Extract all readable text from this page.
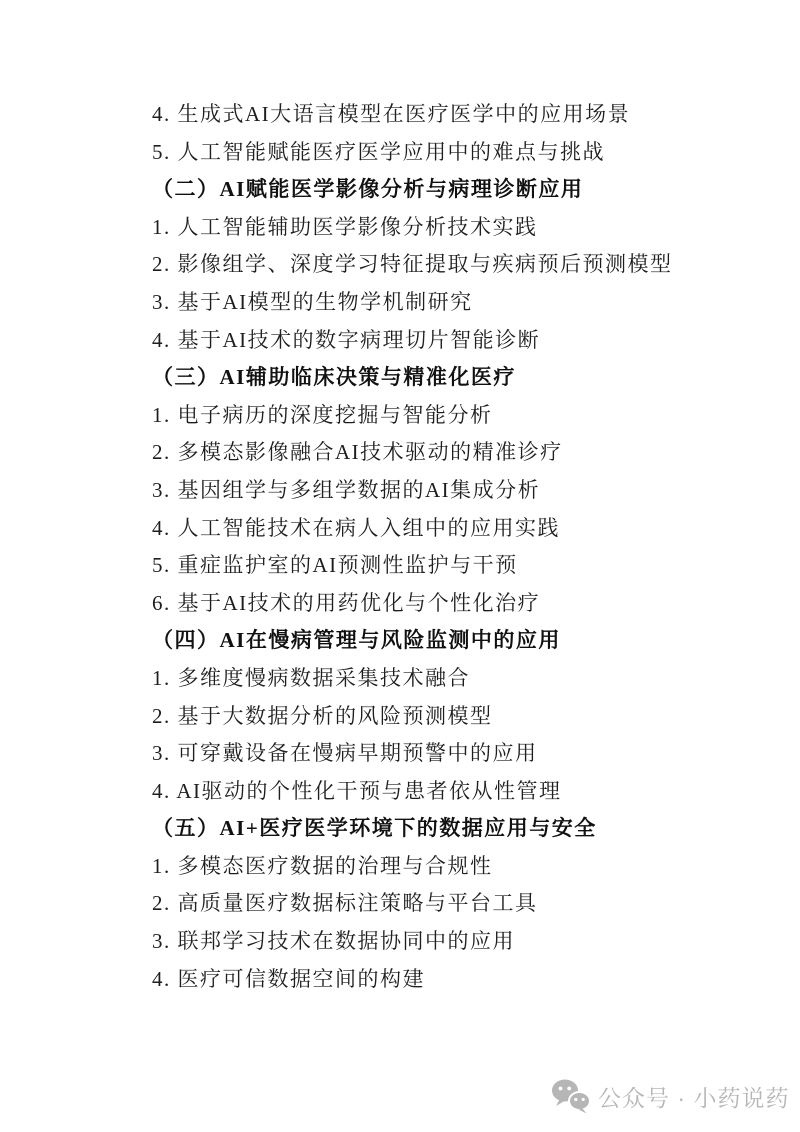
4. 生成式AI大语言模型在医疗医学中的应用场景
5. 人工智能赋能医疗医学应用中的难点与挑战
（二）AI赋能医学影像分析与病理诊断应用
1. 人工智能辅助医学影像分析技术实践
2. 影像组学、深度学习特征提取与疾病预后预测模型
3. 基于AI模型的生物学机制研究
4. 基于AI技术的数字病理切片智能诊断
（三）AI辅助临床决策与精准化医疗
1. 电子病历的深度挖掘与智能分析
2. 多模态影像融合AI技术驱动的精准诊疗
3. 基因组学与多组学数据的AI集成分析
4. 人工智能技术在病人入组中的应用实践
5. 重症监护室的AI预测性监护与干预
6. 基于AI技术的用药优化与个性化治疗
（四）AI在慢病管理与风险监测中的应用
1. 多维度慢病数据采集技术融合
2. 基于大数据分析的风险预测模型
3. 可穿戴设备在慢病早期预警中的应用
4. AI驱动的个性化干预与患者依从性管理
（五）AI+医疗医学环境下的数据应用与安全
1. 多模态医疗数据的治理与合规性
2. 高质量医疗数据标注策略与平台工具
3. 联邦学习技术在数据协同中的应用
4. 医疗可信数据空间的构建
公众号 · 小药说药
